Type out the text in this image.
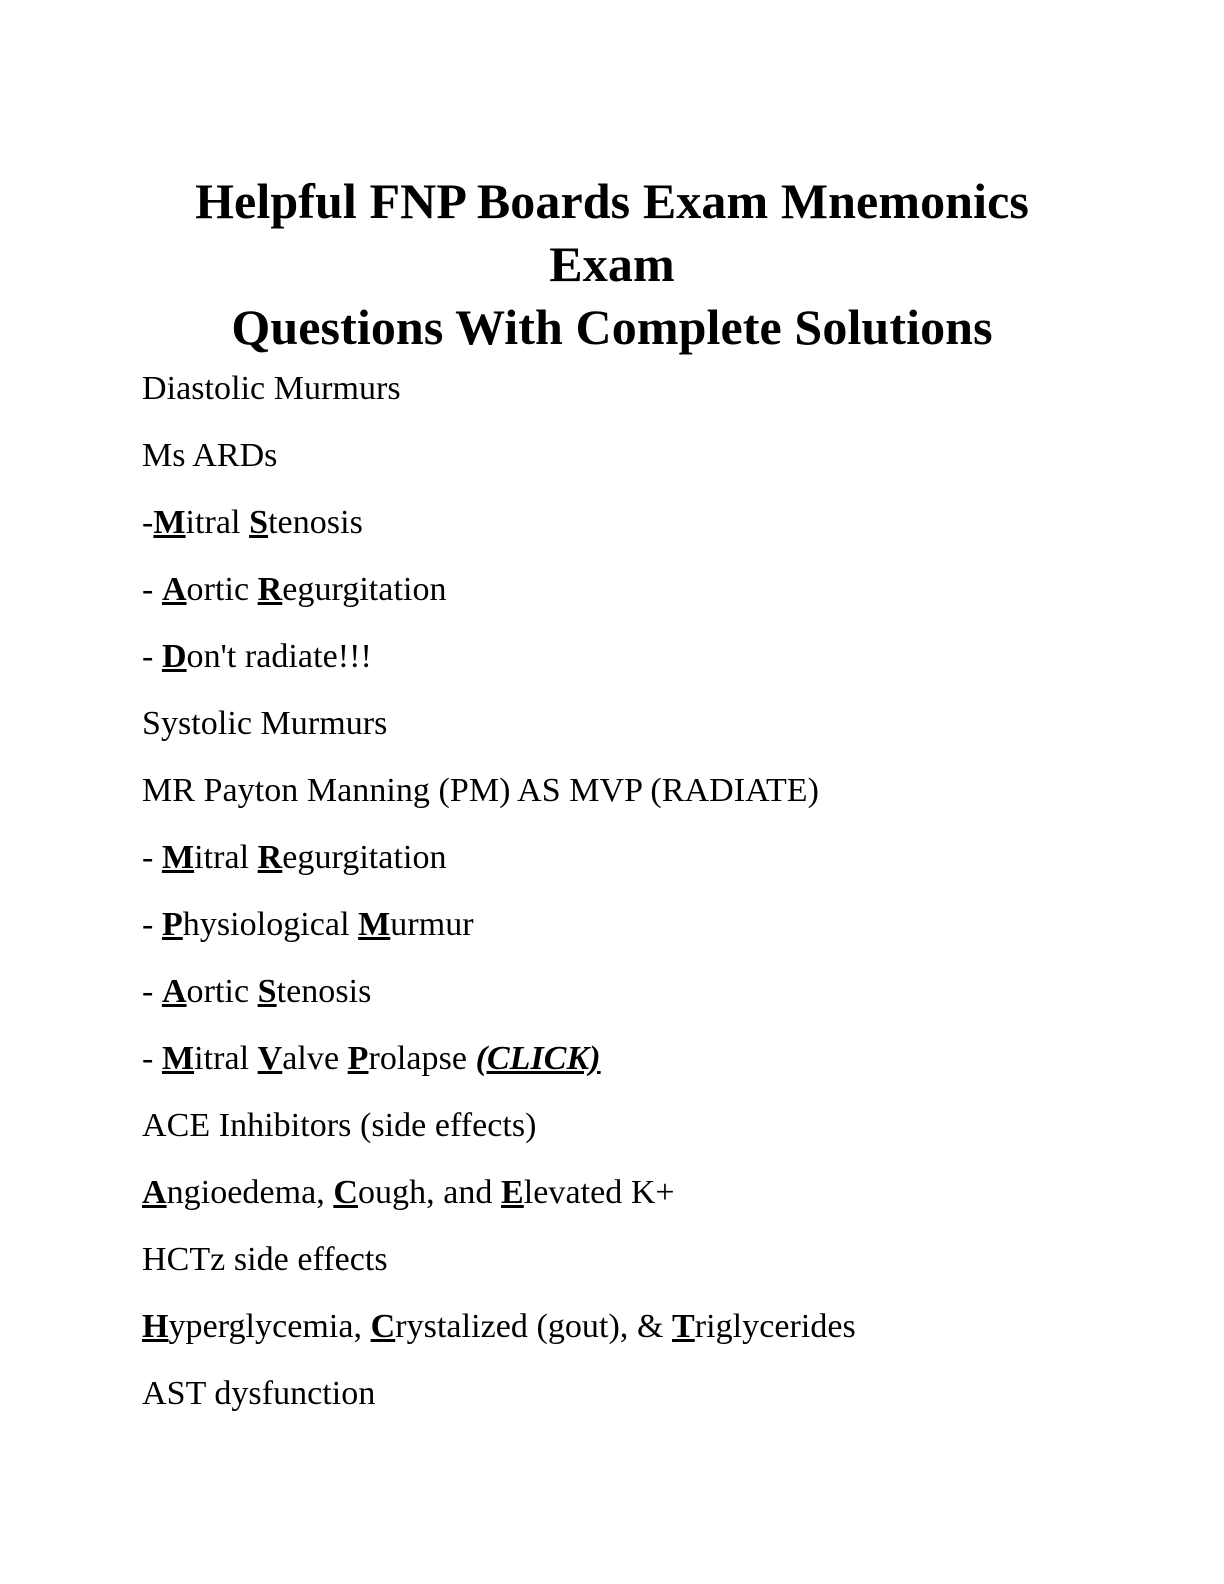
Helpful FNP Boards Exam Mnemonics Exam
Questions With Complete Solutions
Diastolic Murmurs
Ms ARDs
-Mitral Stenosis
- Aortic Regurgitation
- Don't radiate!!!
Systolic Murmurs
MR Payton Manning (PM) AS MVP (RADIATE)
- Mitral Regurgitation
- Physiological Murmur
- Aortic Stenosis
- Mitral Valve Prolapse (CLICK)
ACE Inhibitors (side effects)
Angioedema, Cough, and Elevated K+
HCTz side effects
Hyperglycemia, Crystalized (gout), & Triglycerides
AST dysfunction
